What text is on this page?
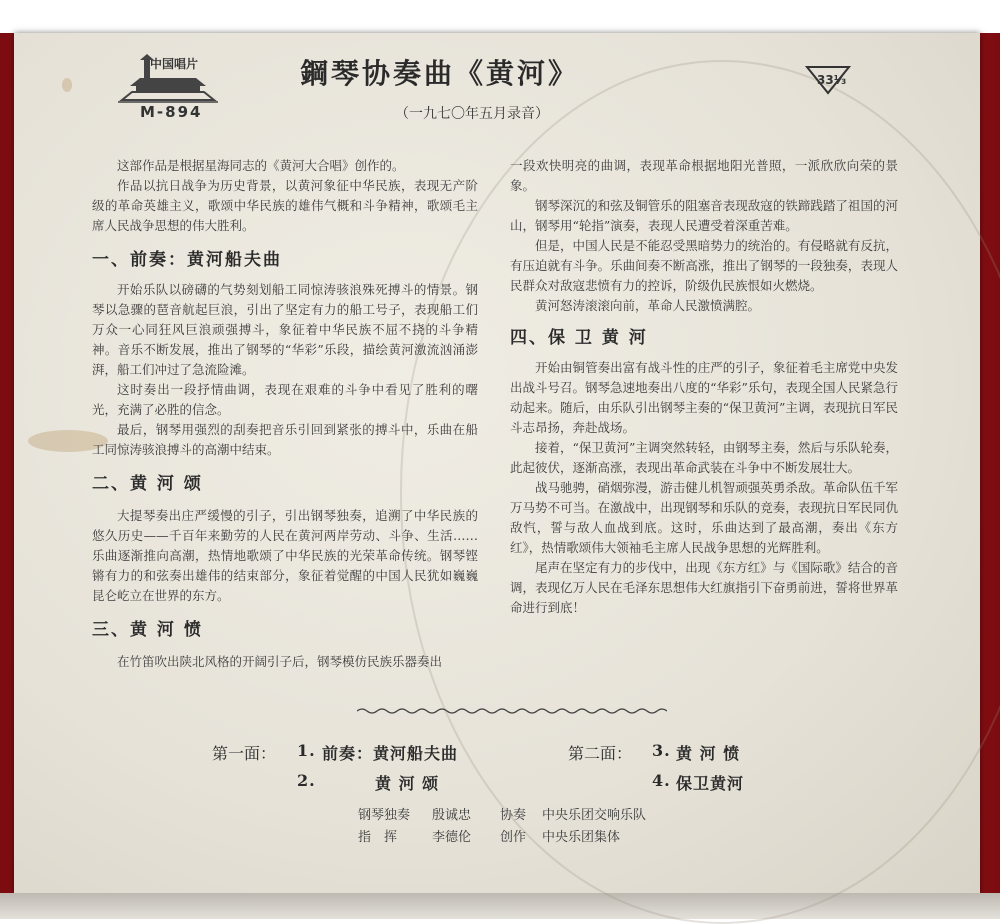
中国唱片
M-894
鋼琴协奏曲《黄河》
（一九七〇年五月录音）
33⅓

这部作品是根据星海同志的《黄河大合唱》创作的。

作品以抗日战争为历史背景，以黄河象征中华民族，表现无产阶级的革命英雄主义，歌颂中华民族的雄伟气概和斗争精神，歌颂毛主席人民战争思想的伟大胜利。

一、前奏：黄河船夫曲

开始乐队以磅礴的气势刻划船工同惊涛骇浪殊死搏斗的情景。钢琴以急骤的琶音航起巨浪，引出了坚定有力的船工号子，表现船工们万众一心同狂风巨浪顽强搏斗，象征着中华民族不屈不挠的斗争精神。音乐不断发展，推出了钢琴的“华彩”乐段，描绘黄河激流汹涌澎湃，船工们冲过了急流险滩。

这时奏出一段抒情曲调，表现在艰难的斗争中看见了胜利的曙光，充满了必胜的信念。

最后，钢琴用强烈的刮奏把音乐引回到紧张的搏斗中，乐曲在船工同惊涛骇浪搏斗的高潮中结束。

二、黄 河 颂

大提琴奏出庄严缓慢的引子，引出钢琴独奏，追溯了中华民族的悠久历史——千百年来勤劳的人民在黄河两岸劳动、斗争、生活……乐曲逐渐推向高潮，热情地歌颂了中华民族的光荣革命传统。钢琴铿锵有力的和弦奏出雄伟的结束部分，象征着觉醒的中国人民犹如巍巍昆仑屹立在世界的东方。

三、黄 河 愤

在竹笛吹出陕北风格的开阔引子后，钢琴模仿民族乐器奏出

一段欢快明亮的曲调，表现革命根据地阳光普照，一派欣欣向荣的景象。

钢琴深沉的和弦及铜管乐的阻塞音表现敌寇的铁蹄践踏了祖国的河山，钢琴用“轮指”演奏，表现人民遭受着深重苦难。

但是，中国人民是不能忍受黑暗势力的统治的。有侵略就有反抗，有压迫就有斗争。乐曲间奏不断高涨，推出了钢琴的一段独奏，表现人民群众对敌寇悲愤有力的控诉，阶级仇民族恨如火燃烧。

黄河怒涛滚滚向前，革命人民激愤满腔。

四、保 卫 黄 河

开始由铜管奏出富有战斗性的庄严的引子，象征着毛主席党中央发出战斗号召。钢琴急速地奏出八度的“华彩”乐句，表现全国人民紧急行动起来。随后，由乐队引出钢琴主奏的“保卫黄河”主调，表现抗日军民斗志昂扬，奔赴战场。

接着，“保卫黄河”主调突然转轻，由钢琴主奏，然后与乐队轮奏，此起彼伏，逐渐高涨，表现出革命武装在斗争中不断发展壮大。

战马驰骋，硝烟弥漫，游击健儿机智顽强英勇杀敌。革命队伍千军万马势不可当。在激战中，出现钢琴和乐队的竞奏，表现抗日军民同仇敌忾，誓与敌人血战到底。这时，乐曲达到了最高潮，奏出《东方红》，热情歌颂伟大领袖毛主席人民战争思想的光辉胜利。

尾声在坚定有力的步伐中，出现《东方红》与《国际歌》结合的音调，表现亿万人民在毛泽东思想伟大红旗指引下奋勇前进，誓将世界革命进行到底！

第一面： 1. 前奏：黄河船夫曲
2.	黄 河 颂
第二面： 3. 黄 河 愤
4. 保卫黄河
钢琴独奏 殷诚忠 协奏 中央乐团交响乐队
指　挥	李德伦 创作 中央乐团集体
